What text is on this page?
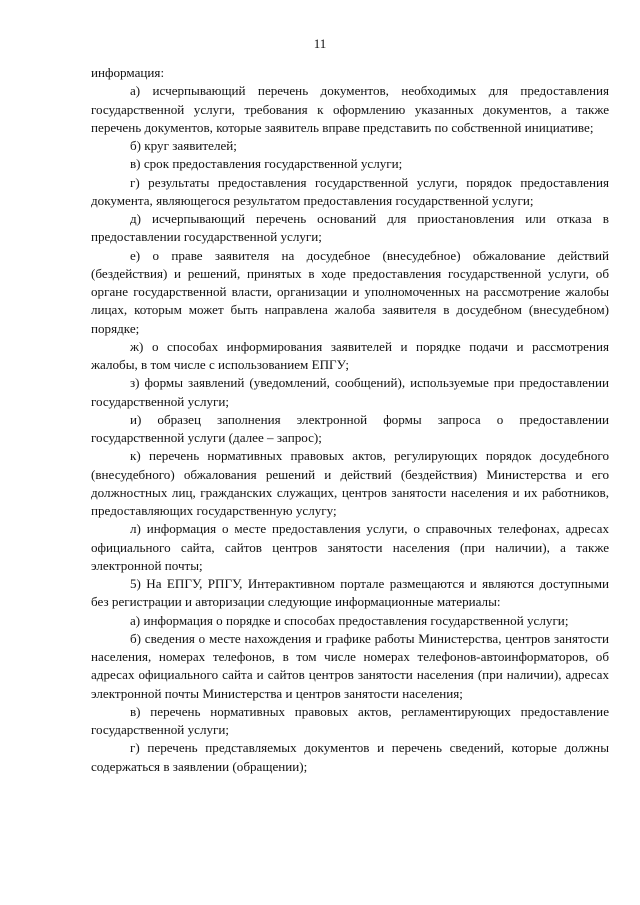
11

информация:

а) исчерпывающий перечень документов, необходимых для предоставления государственной услуги, требования к оформлению указанных документов, а также перечень документов, которые заявитель вправе представить по собственной инициативе;

б) круг заявителей;

в) срок предоставления государственной услуги;

г) результаты предоставления государственной услуги, порядок предоставления документа, являющегося результатом предоставления государственной услуги;

д) исчерпывающий перечень оснований для приостановления или отказа в предоставлении государственной услуги;

е) о праве заявителя на досудебное (внесудебное) обжалование действий (бездействия) и решений, принятых в ходе предоставления государственной услуги, об органе государственной власти, организации и уполномоченных на рассмотрение жалобы лицах, которым может быть направлена жалоба заявителя в досудебном (внесудебном) порядке;

ж) о способах информирования заявителей и порядке подачи и рассмотрения жалобы, в том числе с использованием ЕПГУ;

з) формы заявлений (уведомлений, сообщений), используемые при предоставлении государственной услуги;

и) образец заполнения электронной формы запроса о предоставлении государственной услуги (далее – запрос);

к) перечень нормативных правовых актов, регулирующих порядок досудебного (внесудебного) обжалования решений и действий (бездействия) Министерства и его должностных лиц, гражданских служащих, центров занятости населения и их работников, предоставляющих государственную услугу;

л) информация о месте предоставления услуги, о справочных телефонах, адресах официального сайта, сайтов центров занятости населения (при наличии), а также электронной почты;

5) На ЕПГУ, РПГУ, Интерактивном портале размещаются и являются доступными без регистрации и авторизации следующие информационные материалы:

а) информация о порядке и способах предоставления государственной услуги;

б) сведения о месте нахождения и графике работы Министерства, центров занятости населения, номерах телефонов, в том числе номерах телефонов-автоинформаторов, об адресах официального сайта и сайтов центров занятости населения (при наличии), адресах электронной почты Министерства и центров занятости населения;

в) перечень нормативных правовых актов, регламентирующих предоставление государственной услуги;

г) перечень представляемых документов и перечень сведений, которые должны содержаться в заявлении (обращении);
